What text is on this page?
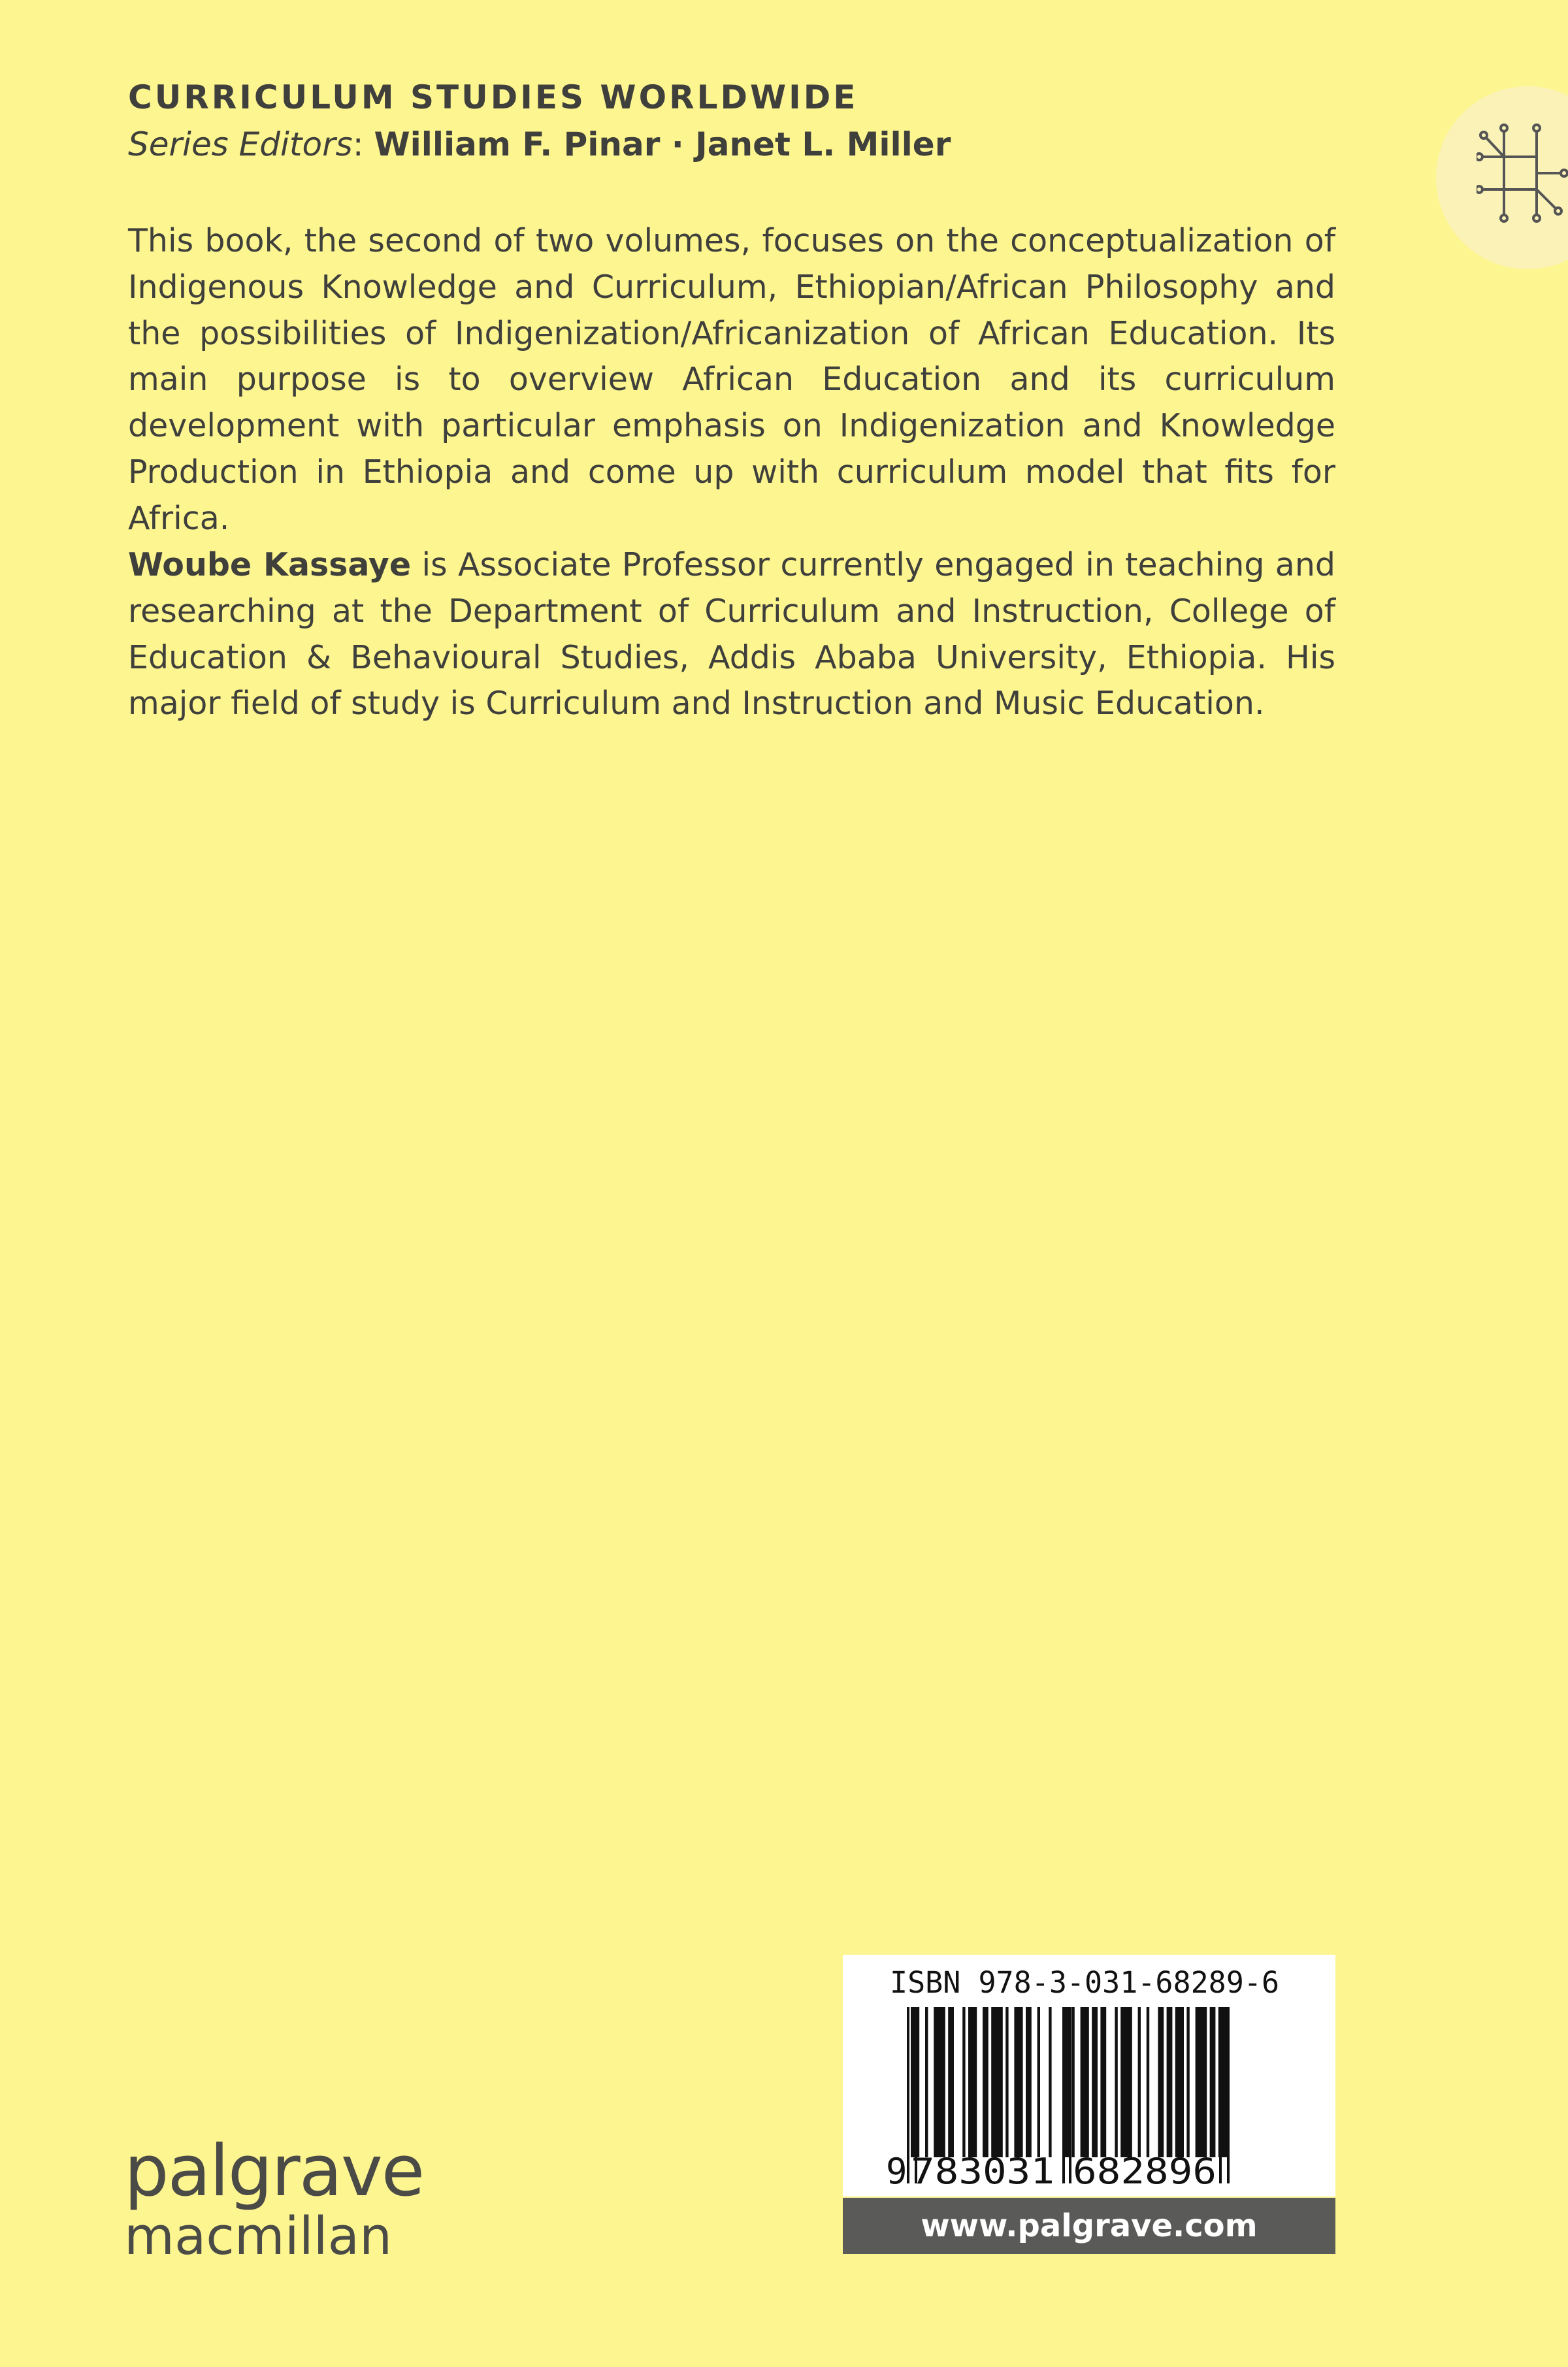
CURRICULUM STUDIES WORLDWIDE
Series Editors: William F. Pinar · Janet L. Miller

This book, the second of two volumes, focuses on the conceptualization of Indigenous Knowledge and Curriculum, Ethiopian/African Philosophy and the possibilities of Indigenization/Africanization of African Education. Its main purpose is to overview African Education and its curriculum development with particular emphasis on Indigenization and Knowledge Production in Ethiopia and come up with curriculum model that fits for Africa.

Woube Kassaye is Associate Professor currently engaged in teaching and researching at the Department of Curriculum and Instruction, College of Education & Behavioural Studies, Addis Ababa University, Ethiopia. His major field of study is Curriculum and Instruction and Music Education.

palgrave
macmillan
9 783031 682896
ISBN 978-3-031-68289-6
www.palgrave.com
